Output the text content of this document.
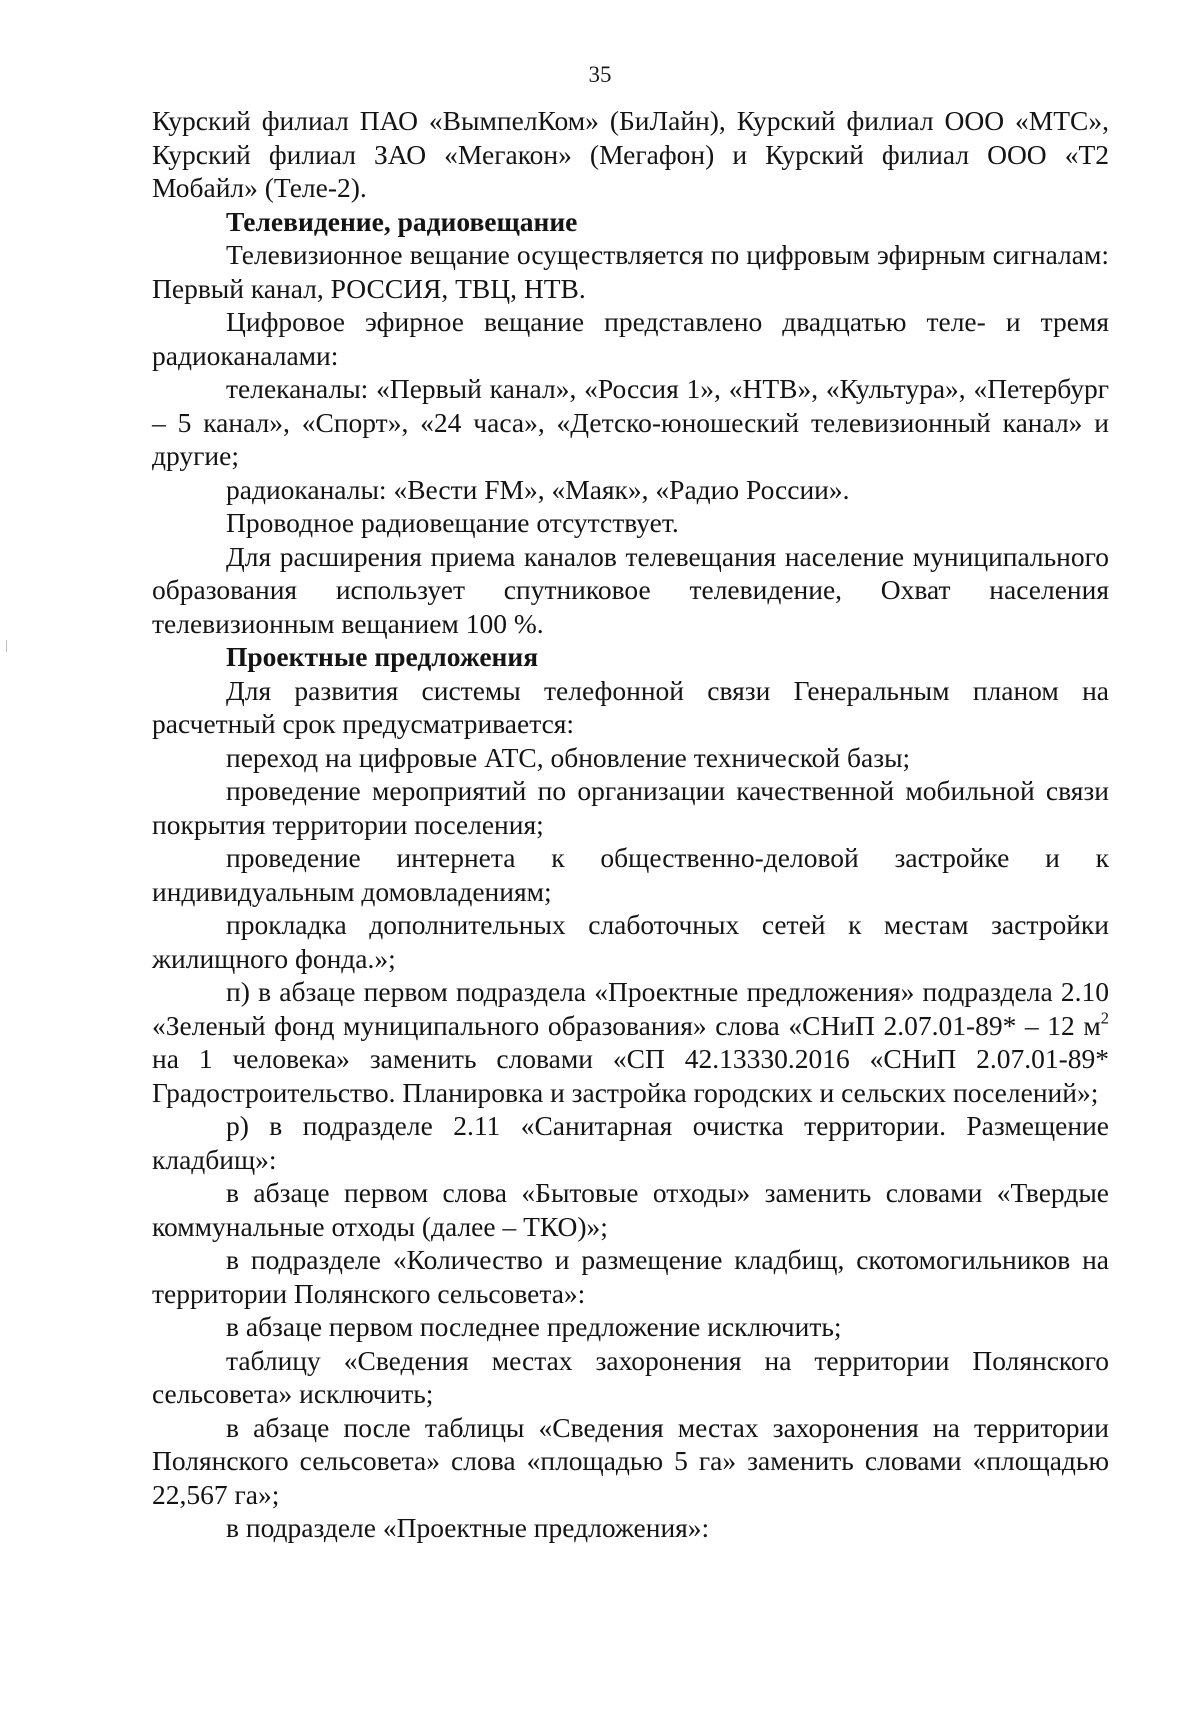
35

Курский филиал ПАО «ВымпелКом» (БиЛайн), Курский филиал ООО «МТС», Курский филиал ЗАО «Мегакон» (Мегафон) и Курский филиал ООО «Т2 Мобайл» (Теле-2).

Телевидение, радиовещание

Телевизионное вещание осуществляется по цифровым эфирным сигналам: Первый канал, РОССИЯ, ТВЦ, НТВ.

Цифровое эфирное вещание представлено двадцатью теле- и тремя радиоканалами:

телеканалы: «Первый канал», «Россия 1», «НТВ», «Культура», «Петербург – 5 канал», «Спорт», «24 часа», «Детско-юношеский телевизионный канал» и другие;

радиоканалы: «Вести FM», «Маяк», «Радио России».

Проводное радиовещание отсутствует.

Для расширения приема каналов телевещания население муниципального образования использует спутниковое телевидение, Охват населения телевизионным вещанием 100 %.

Проектные предложения

Для развития системы телефонной связи Генеральным планом на расчетный срок предусматривается:

переход на цифровые АТС, обновление технической базы;

проведение мероприятий по организации качественной мобильной связи покрытия территории поселения;

проведение интернета к общественно-деловой застройке и к индивидуальным домовладениям;

прокладка дополнительных слаботочных сетей к местам застройки жилищного фонда.»;

п) в абзаце первом подраздела «Проектные предложения» подраздела 2.10 «Зеленый фонд муниципального образования» слова «СНиП 2.07.01-89* – 12 $м^2$ на 1 человека» заменить словами «СП 42.13330.2016 «СНиП 2.07.01-89* Градостроительство. Планировка и застройка городских и сельских поселений»;

р) в подразделе 2.11 «Санитарная очистка территории. Размещение кладбищ»:

в абзаце первом слова «Бытовые отходы» заменить словами «Твердые коммунальные отходы (далее – ТКО)»;

в подразделе «Количество и размещение кладбищ, скотомогильников на территории Полянского сельсовета»:

в абзаце первом последнее предложение исключить;

таблицу «Сведения местах захоронения на территории Полянского сельсовета» исключить;

в абзаце после таблицы «Сведения местах захоронения на территории Полянского сельсовета» слова «площадью 5 га» заменить словами «площадью 22,567 га»;

в подразделе «Проектные предложения»:
